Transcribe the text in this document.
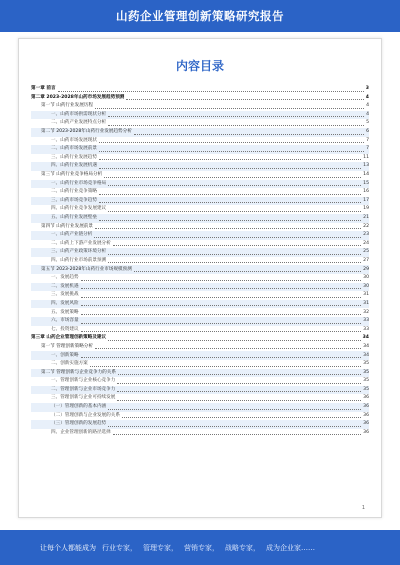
山药企业管理创新策略研究报告
内容目录
第一章 前言	3
第二章 2023-2028年山药市场发展趋势预测	4
第一节 山药行业发展历程	4
一、山药市场供需现状分析	4
二、山药产业发展特点分析	5
第二节 2023-2028年山药行业发展趋势分析	6
一、山药市场发展现状	7
二、山药市场发展前景	7
三、山药行业发展趋势	11
四、山药行业发展机遇	13
第三节 山药行业竞争格局分析	14
一、山药行业市场竞争格局	15
二、山药行业竞争策略	16
三、山药市场竞争趋势	17
四、山药行业竞争发展建议	19
五、山药行业发展壁垒	21
第四节 山药行业发展前景	22
一、山药产业链分析	23
二、山药上下游产业发展分析	24
三、山药产业政策环境分析	25
四、山药行业市场前景预测	27
第五节 2023-2028年山药行业市场规模预测	29
一、发展趋势	30
二、发展机遇	30
三、发展挑战	31
四、发展风险	31
五、发展策略	32
六、市场容量	33
七、投资建议	33
第三章 山药企业管理创新策略及建议	34
第一节 管理创新策略分析	34
一、创新策略	34
二、创新实施方案	35
第二节 管理创新与企业竞争力的关系	35
一、管理创新与企业核心竞争力	35
二、管理创新与企业市场竞争力	35
三、管理创新与企业可持续发展	36
（一）管理创新的基本内涵	36
（二）管理创新与企业发展的关系	36
（三）管理创新的发展趋势	36
四、企业管理创新的路径选择	36
1
让每个人都能成为 行业专家， 管理专家， 营销专家， 战略专家， 成为企业家……
